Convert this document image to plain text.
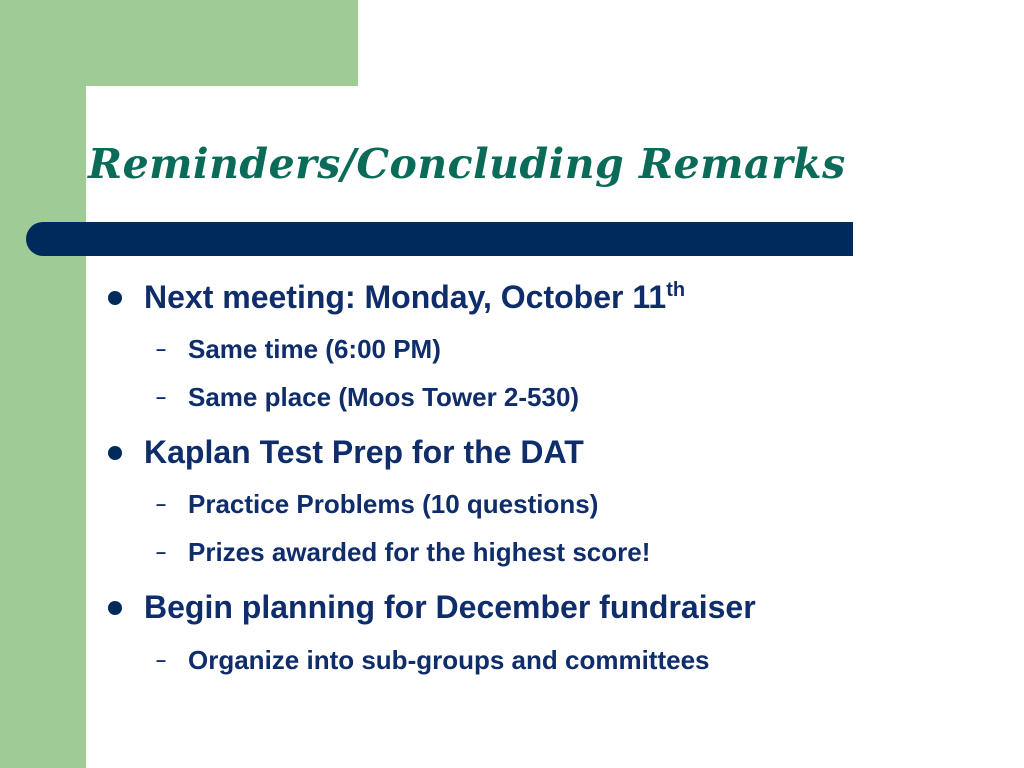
Reminders/Concluding Remarks
Next meeting: Monday, October 11th
– Same time (6:00 PM)
– Same place (Moos Tower 2-530)
Kaplan Test Prep for the DAT
– Practice Problems (10 questions)
– Prizes awarded for the highest score!
Begin planning for December fundraiser
– Organize into sub-groups and committees
